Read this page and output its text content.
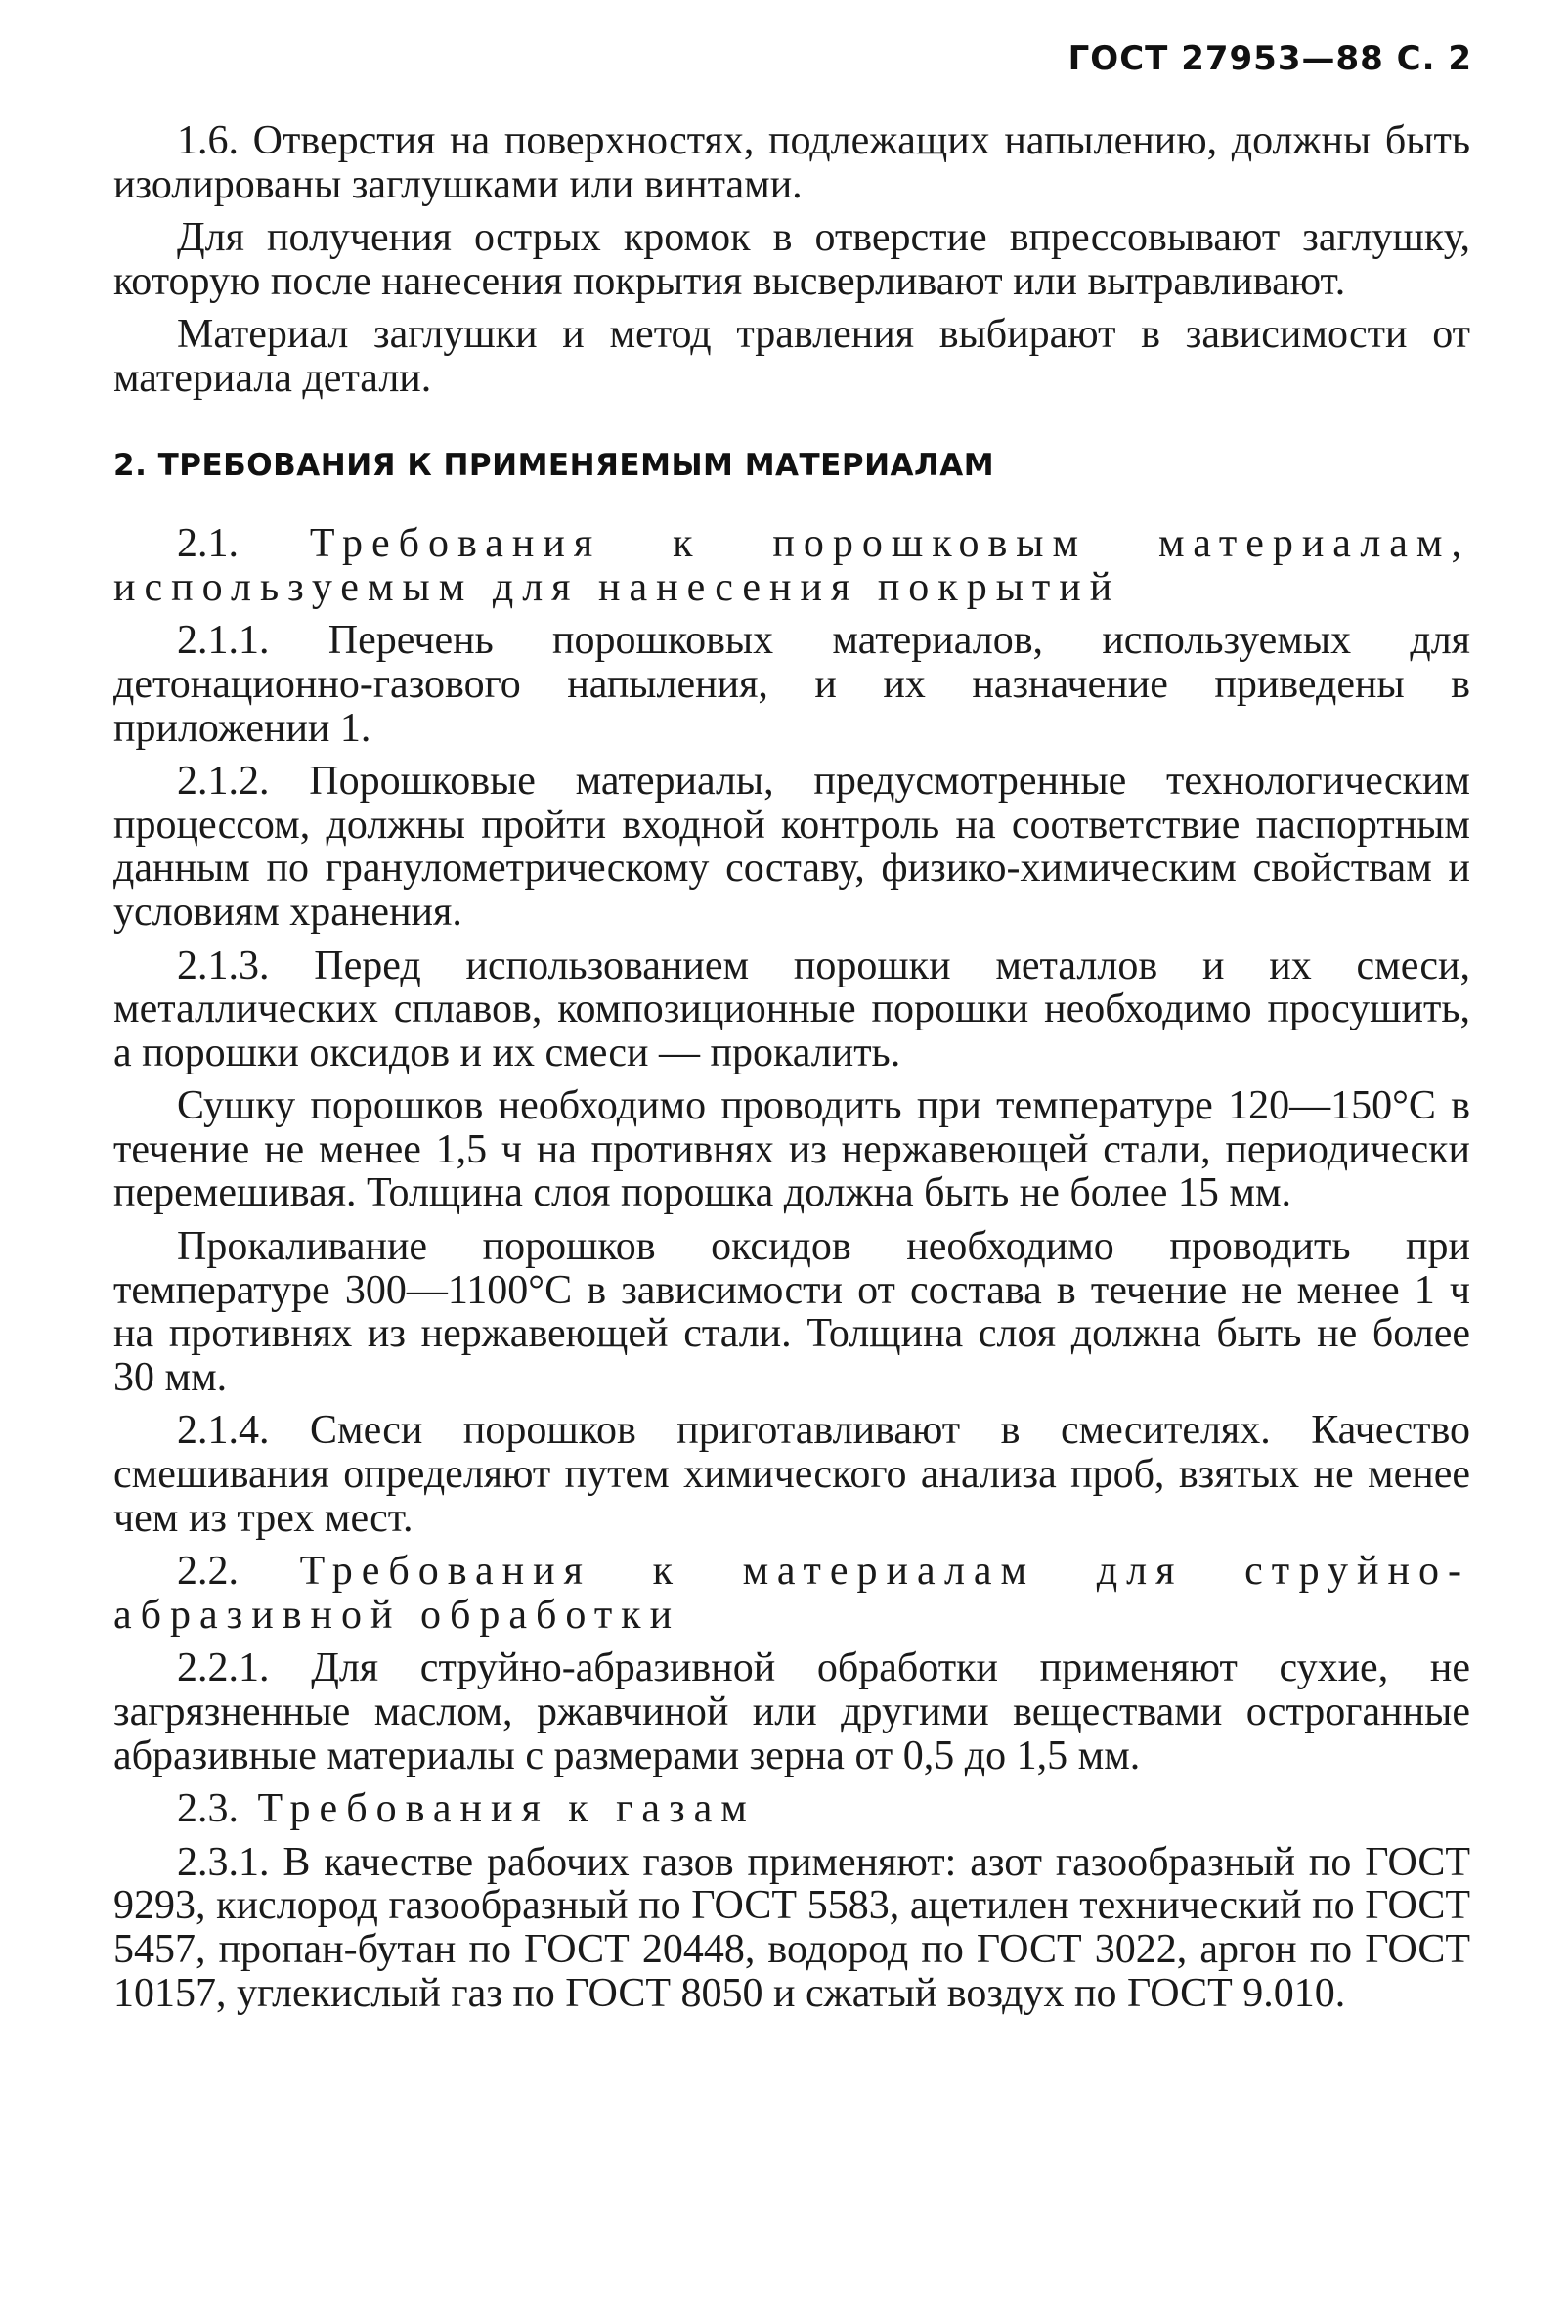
ГОСТ 27953—88 С. 2

1.6. Отверстия на поверхностях, подлежащих напылению, должны быть изолированы заглушками или винтами.

Для получения острых кромок в отверстие впрессовывают заглушку, которую после нанесения покрытия высверливают или вытравливают.

Материал заглушки и метод травления выбирают в зависимости от материала детали.

2. ТРЕБОВАНИЯ К ПРИМЕНЯЕМЫМ МАТЕРИАЛАМ

2.1. Требования к порошковым материалам, используемым для нанесения покрытий

2.1.1. Перечень порошковых материалов, используемых для детонационно-газового напыления, и их назначение приведены в приложении 1.

2.1.2. Порошковые материалы, предусмотренные технологическим процессом, должны пройти входной контроль на соответствие паспортным данным по гранулометрическому составу, физико-химическим свойствам и условиям хранения.

2.1.3. Перед использованием порошки металлов и их смеси, металлических сплавов, композиционные порошки необходимо просушить, а порошки оксидов и их смеси — прокалить.

Сушку порошков необходимо проводить при температуре 120—150°С в течение не менее 1,5 ч на противнях из нержавеющей стали, периодически перемешивая. Толщина слоя порошка должна быть не более 15 мм.

Прокаливание порошков оксидов необходимо проводить при температуре 300—1100°С в зависимости от состава в течение не менее 1 ч на противнях из нержавеющей стали. Толщина слоя должна быть не более 30 мм.

2.1.4. Смеси порошков приготавливают в смесителях. Качество смешивания определяют путем химического анализа проб, взятых не менее чем из трех мест.

2.2. Требования к материалам для струйно-абразивной обработки

2.2.1. Для струйно-абразивной обработки применяют сухие, не загрязненные маслом, ржавчиной или другими веществами остроганные абразивные материалы с размерами зерна от 0,5 до 1,5 мм.

2.3. Требования к газам

2.3.1. В качестве рабочих газов применяют: азот газообразный по ГОСТ 9293, кислород газообразный по ГОСТ 5583, ацетилен технический по ГОСТ 5457, пропан-бутан по ГОСТ 20448, водород по ГОСТ 3022, аргон по ГОСТ 10157, углекислый газ по ГОСТ 8050 и сжатый воздух по ГОСТ 9.010.
